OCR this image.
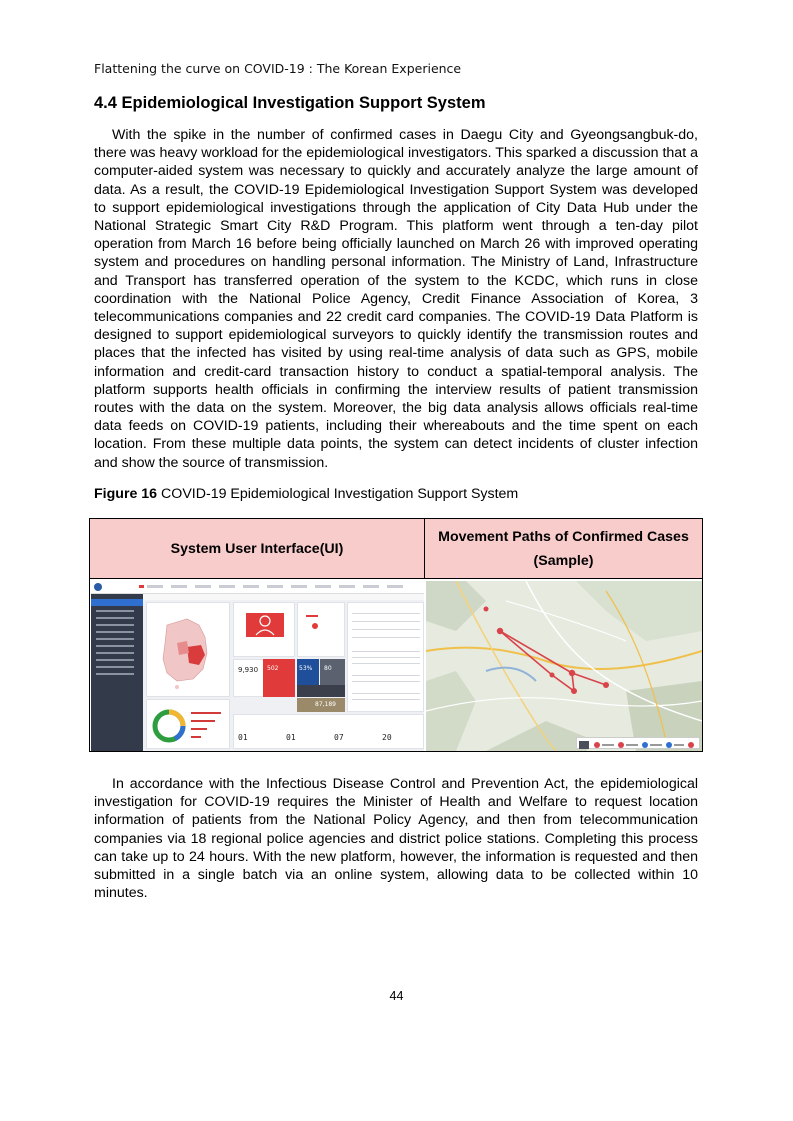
Flattening the curve on COVID-19 : The Korean Experience
4.4 Epidemiological Investigation Support System

With the spike in the number of confirmed cases in Daegu City and Gyeongsangbuk-do, there was heavy workload for the epidemiological investigators. This sparked a discussion that a computer-aided system was necessary to quickly and accurately analyze the large amount of data. As a result, the COVID-19 Epidemiological Investigation Support System was developed to support epidemiological investigations through the application of City Data Hub under the National Strategic Smart City R&D Program. This platform went through a ten-day pilot operation from March 16 before being officially launched on March 26 with improved operating system and procedures on handling personal information. The Ministry of Land, Infrastructure and Transport has transferred operation of the system to the KCDC, which runs in close coordination with the National Police Agency, Credit Finance Association of Korea, 3 telecommunications companies and 22 credit card companies. The COVID-19 Data Platform is designed to support epidemiological surveyors to quickly identify the transmission routes and places that the infected has visited by using real-time analysis of data such as GPS, mobile information and credit-card transaction history to conduct a spatial-temporal analysis. The platform supports health officials in confirming the interview results of patient transmission routes with the data on the system. Moreover, the big data analysis allows officials real-time data feeds on COVID-19 patients, including their whereabouts and the time spent on each location. From these multiple data points, the system can detect incidents of cluster infection and show the source of transmission.

Figure 16 COVID-19 Epidemiological Investigation Support System
System User Interface(UI)
Movement Paths of Confirmed Cases
(Sample)
9,930 502	53% 80
87,189
01	01	07	20

In accordance with the Infectious Disease Control and Prevention Act, the epidemiological investigation for COVID-19 requires the Minister of Health and Welfare to request location information of patients from the National Policy Agency, and then from telecommunication companies via 18 regional police agencies and district police stations. Completing this process can take up to 24 hours. With the new platform, however, the information is requested and then submitted in a single batch via an online system, allowing data to be collected within 10 minutes.

44
